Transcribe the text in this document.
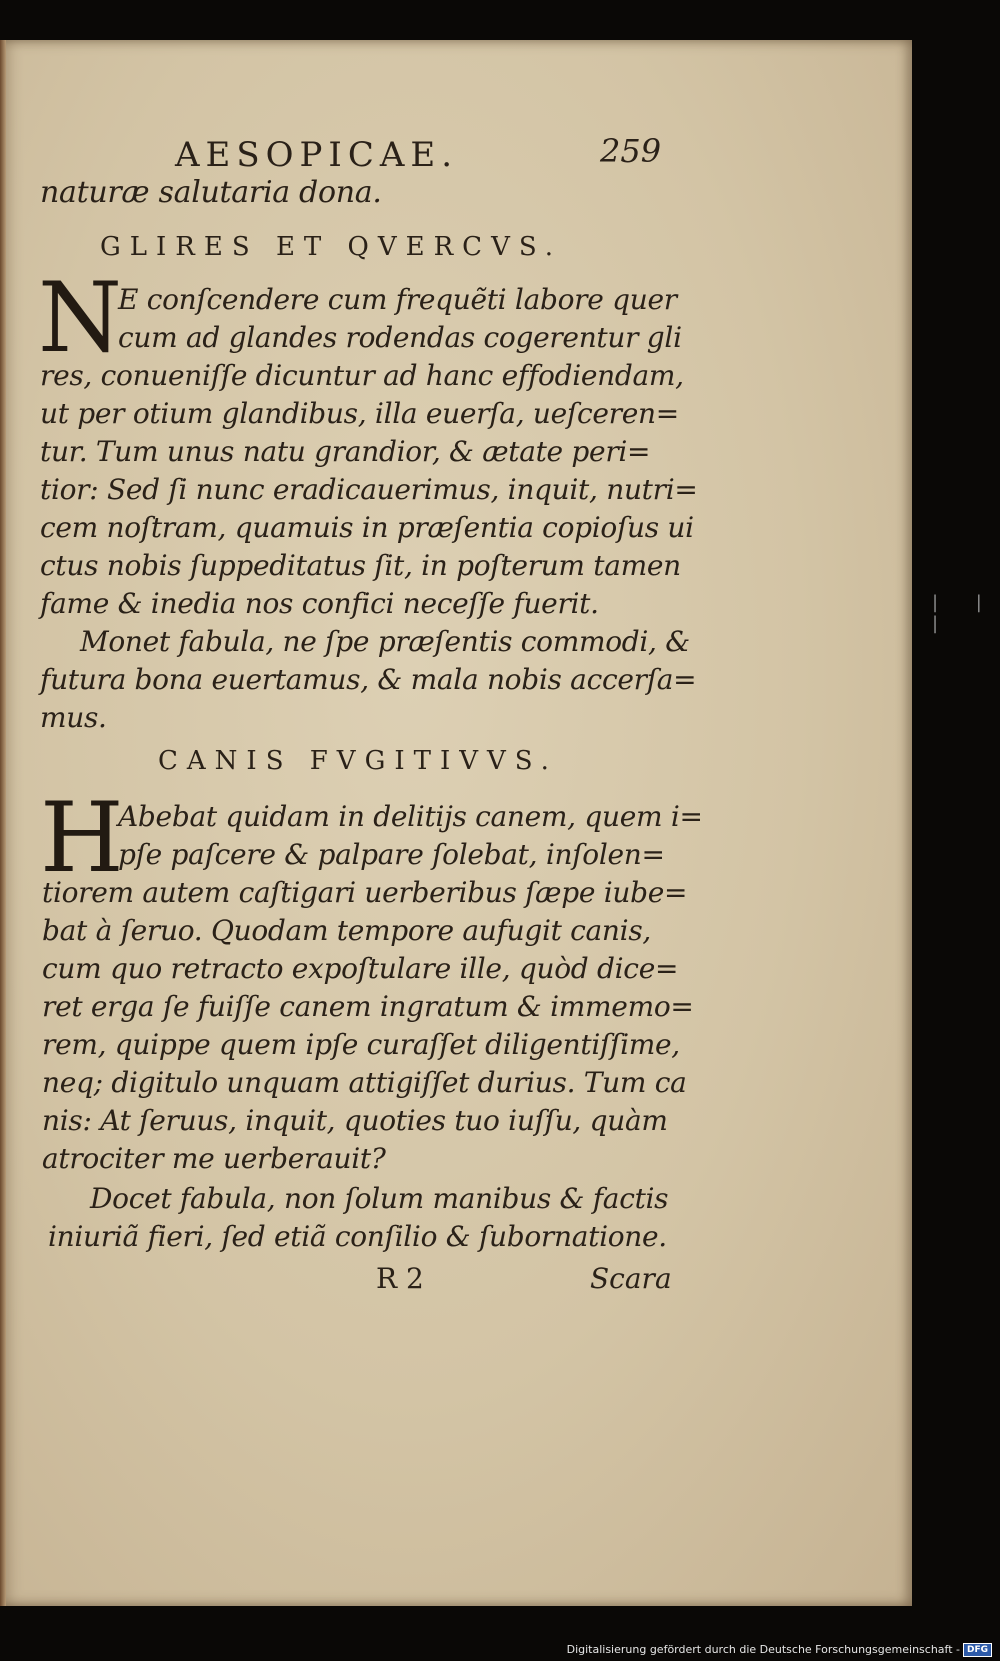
AESOPICAE.	259
naturæ salutaria dona.
GLIRES ET QVERCVS.
N
E conſcendere cum frequẽti labore quer
cum ad glandes rodendas cogerentur gli
res, conueniſſe dicuntur ad hanc effodiendam,
ut per otium glandibus, illa euerſa, ueſceren=
tur. Tum unus natu grandior, & ætate peri=
tior: Sed ſi nunc eradicauerimus, inquit, nutri=
cem noſtram, quamuis in præſentia copioſus ui
ctus nobis ſuppeditatus ſit, in poſterum tamen
fame & inedia nos confici neceſſe fuerit.
Monet fabula, ne ſpe præſentis commodi, &
futura bona euertamus, & mala nobis accerſa=
mus.
CANIS FVGITIVVS.
H
Abebat quidam in delitijs canem, quem i=
pſe paſcere & palpare ſolebat, inſolen=
tiorem autem caſtigari uerberibus ſæpe iube=
bat à ſeruo. Quodam tempore aufugit canis,
cum quo retracto expoſtulare ille, quòd dice=
ret erga ſe fuiſſe canem ingratum & immemo=
rem, quippe quem ipſe curaſſet diligentiſſime,
neq; digitulo unquam attigiſſet durius. Tum ca
nis: At ſeruus, inquit, quoties tuo iuſſu, quàm
atrociter me uerberauit?
Docet fabula, non ſolum manibus & factis
iniuriã fieri, ſed etiã conſilio & ſubornatione.
R 2	Scara
| | |
Digitalisierung gefördert durch die Deutsche Forschungsgemeinschaft - DFG
